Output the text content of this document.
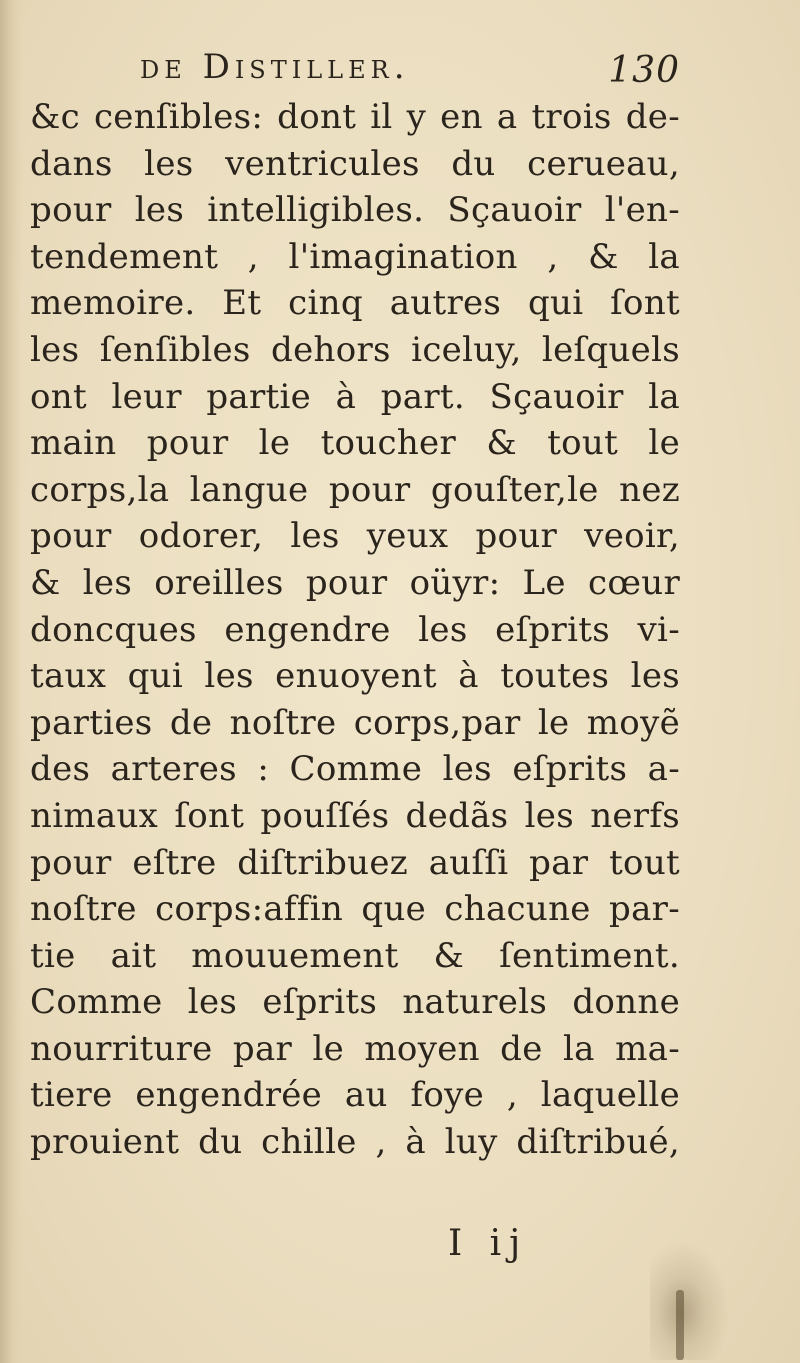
de Distiller.	130
&c cenſibles: dont il y en a trois de-
dans les ventricules du cerueau,
pour les intelligibles. Sçauoir l'en-
tendement , l'imagination , & la
memoire. Et cinq autres qui ſont
les ſenſibles dehors iceluy, leſquels
ont leur partie à part. Sçauoir la
main pour le toucher & tout le
corps,la langue pour gouſter,le nez
pour odorer, les yeux pour veoir,
& les oreilles pour oüyr: Le cœur
doncques engendre les eſprits vi-
taux qui les enuoyent à toutes les
parties de noſtre corps,par le moyẽ
des arteres : Comme les eſprits a-
nimaux ſont pouſſés dedãs les nerfs
pour eſtre diſtribuez auſſi par tout
noſtre corps:affin que chacune par-
tie ait mouuement & ſentiment.
Comme les eſprits naturels donne
nourriture par le moyen de la ma-
tiere engendrée au foye , laquelle
prouient du chille , à luy diſtribué,
I ij
